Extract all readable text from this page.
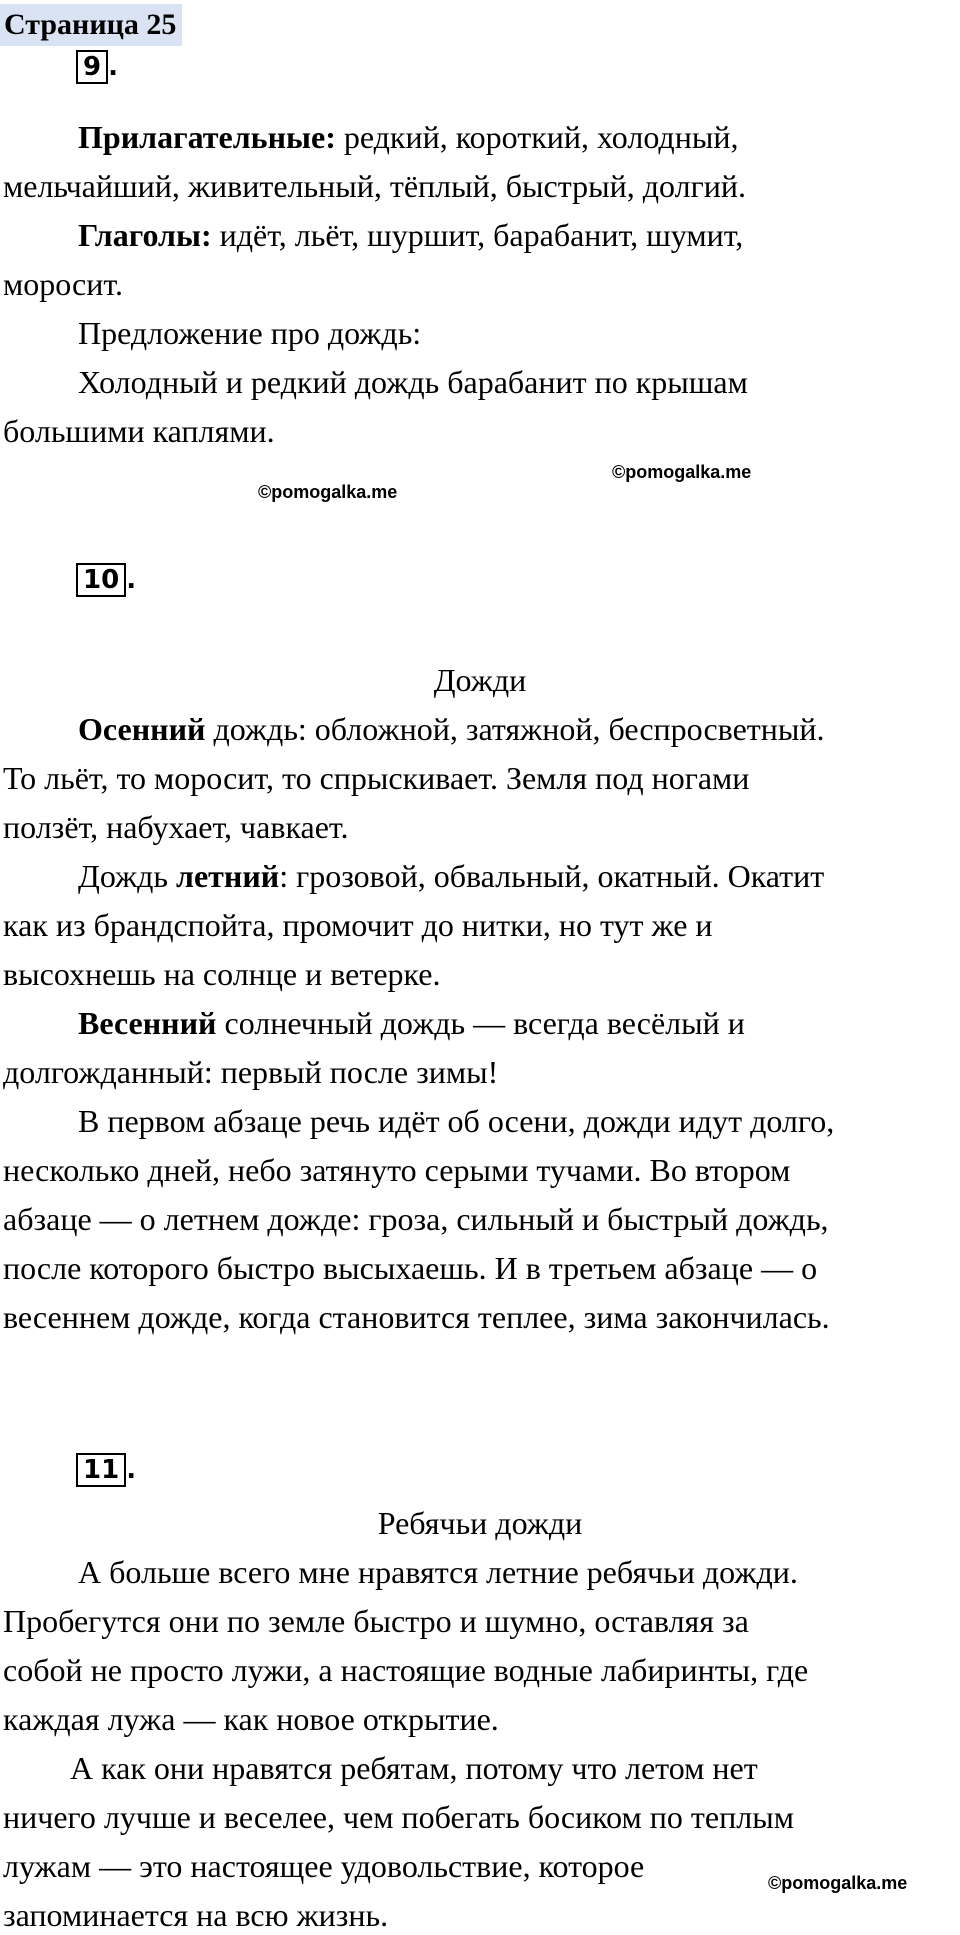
Страница 25
9 .
Прилагательные: редкий, короткий, холодный,
мельчайший, живительный, тёплый, быстрый, долгий.
Глаголы: идёт, льёт, шуршит, барабанит, шумит,
моросит.
Предложение про дождь:
Холодный и редкий дождь барабанит по крышам
большими каплями.
©pomogalka.me
©pomogalka.me
10 .
Дожди
Осенний дождь: обложной, затяжной, беспросветный.
То льёт, то моросит, то спрыскивает. Земля под ногами
ползёт, набухает, чавкает.
Дождь летний: грозовой, обвальный, окатный. Окатит
как из брандспойта, промочит до нитки, но тут же и
высохнешь на солнце и ветерке.
Весенний солнечный дождь — всегда весёлый и
долгожданный: первый после зимы!
В первом абзаце речь идёт об осени, дожди идут долго,
несколько дней, небо затянуто серыми тучами. Во втором
абзаце — о летнем дожде: гроза, сильный и быстрый дождь,
после которого быстро высыхаешь. И в третьем абзаце — о
весеннем дожде, когда становится теплее, зима закончилась.
11 .
Ребячьи дожди
А больше всего мне нравятся летние ребячьи дожди.
Пробегутся они по земле быстро и шумно, оставляя за
собой не просто лужи, а настоящие водные лабиринты, где
каждая лужа — как новое открытие.
А как они нравятся ребятам, потому что летом нет
ничего лучше и веселее, чем побегать босиком по теплым
лужам — это настоящее удовольствие, которое
запоминается на всю жизнь.
©pomogalka.me
